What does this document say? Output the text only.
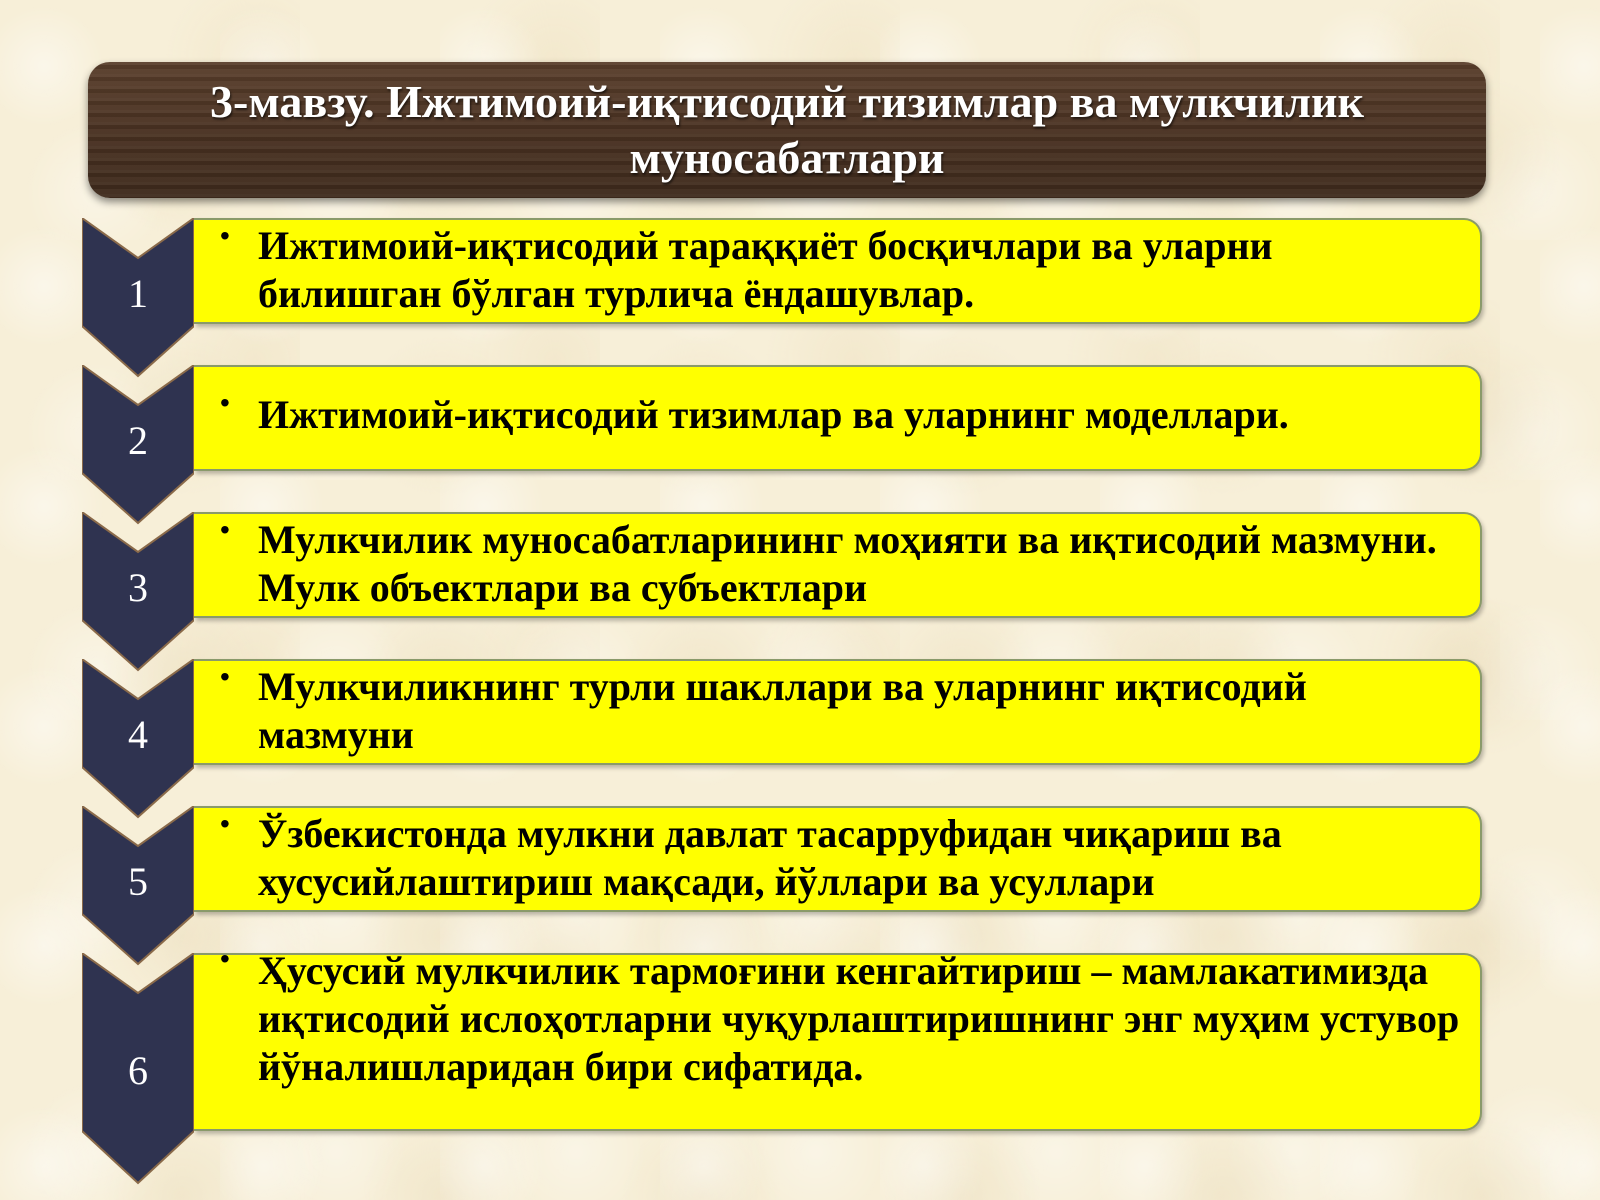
3-мавзу. Ижтимоий-иқтисодий тизимлар ва мулкчилик муносабатлари
1
• Ижтимоий-иқтисодий тараққиёт босқичлари ва уларни билишган бўлган турлича ёндашувлар.
2
• Ижтимоий-иқтисодий тизимлар ва уларнинг моделлари.
3
• Мулкчилик муносабатларининг моҳияти ва иқтисодий мазмуни. Мулк объектлари ва субъектлари
4
• Мулкчиликнинг турли шакллари ва уларнинг иқтисодий мазмуни
5
• Ўзбекистонда мулкни давлат тасарруфидан чиқариш ва хусусийлаштириш мақсади, йўллари ва усуллари
6
• Ҳусусий мулкчилик тармоғини кенгайтириш – мамлакатимизда иқтисодий ислоҳотларни чуқурлаштиришнинг энг муҳим устувор йўналишларидан бири сифатида.
